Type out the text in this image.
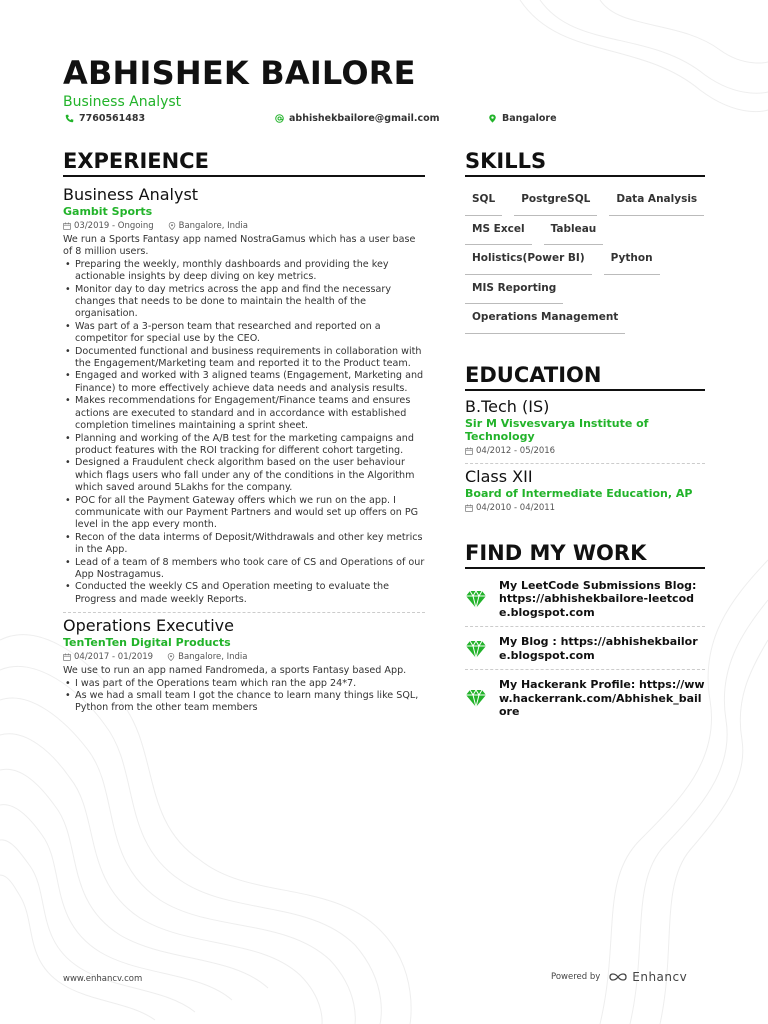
ABHISHEK BAILORE
Business Analyst
7760561483	abhishekbailore@gmail.com	Bangalore
EXPERIENCE
Business Analyst
Gambit Sports
03/2019 - Ongoing	Bangalore, India
We run a Sports Fantasy app named NostraGamus which has a user base of 8 million users.
• Preparing the weekly, monthly dashboards and providing the key actionable insights by deep diving on key metrics.
• Monitor day to day metrics across the app and find the necessary changes that needs to be done to maintain the health of the organisation.
• Was part of a 3-person team that researched and reported on a competitor for special use by the CEO.
• Documented functional and business requirements in collaboration with the Engagement/Marketing team and reported it to the Product team.
• Engaged and worked with 3 aligned teams (Engagement, Marketing and Finance) to more effectively achieve data needs and analysis results.
• Makes recommendations for Engagement/Finance teams and ensures actions are executed to standard and in accordance with established completion timelines maintaining a sprint sheet.
• Planning and working of the A/B test for the marketing campaigns and product features with the ROI tracking for different cohort targeting.
• Designed a Fraudulent check algorithm based on the user behaviour which flags users who fall under any of the conditions in the Algorithm which saved around 5Lakhs for the company.
• POC for all the Payment Gateway offers which we run on the app. I communicate with our Payment Partners and would set up offers on PG level in the app every month.
• Recon of the data interms of Deposit/Withdrawals and other key metrics in the App.
• Lead of a team of 8 members who took care of CS and Operations of our App Nostragamus.
• Conducted the weekly CS and Operation meeting to evaluate the Progress and made weekly Reports.
Operations Executive
TenTenTen Digital Products
04/2017 - 01/2019	Bangalore, India
We use to run an app named Fandromeda, a sports Fantasy based App.
• I was part of the Operations team which ran the app 24*7.
• As we had a small team I got the chance to learn many things like SQL, Python from the other team members
SKILLS
SQL	PostgreSQL	Data Analysis
MS Excel	Tableau
Holistics(Power BI)	Python
MIS Reporting
Operations Management
EDUCATION
B.Tech (IS)
Sir M Visvesvarya Institute of Technology
04/2012 - 05/2016
Class XII
Board of Intermediate Education, AP
04/2010 - 04/2011
FIND MY WORK
My LeetCode Submissions Blog: https://abhishekbailore-leetcode.blogspot.com
My Blog : https://abhishekbailore.blogspot.com
My Hackerank Profile: https://www.hackerrank.com/Abhishek_bailore
www.enhancv.com	Powered by	Enhancv
